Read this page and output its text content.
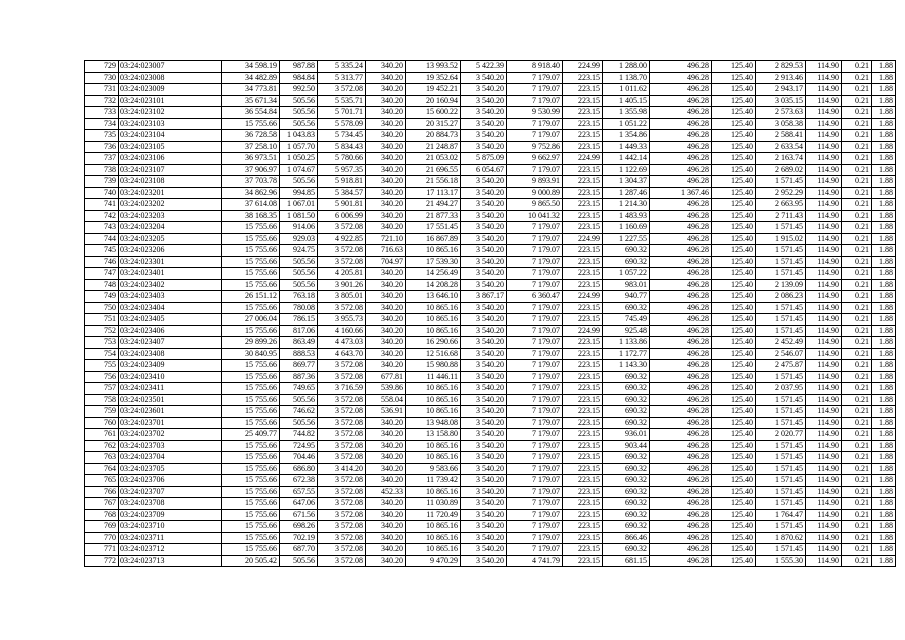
729	03:24:023007	34 598.19	987.88	5 335.24	340.20	13 993.52	5 422.39	8 918.40	224.99	1 288.00	496.28	125.40	2 829.53	114.90	0.21	1.88
730	03:24:023008	34 482.89	984.84	5 313.77	340.20	19 352.64	3 540.20	7 179.07	223.15	1 138.70	496.28	125.40	2 913.46	114.90	0.21	1.88
731	03:24:023009	34 773.81	992.50	3 572.08	340.20	19 452.21	3 540.20	7 179.07	223.15	1 011.62	496.28	125.40	2 943.17	114.90	0.21	1.88
732	03:24:023101	35 671.34	505.56	5 535.71	340.20	20 160.94	3 540.20	7 179.07	223.15	1 405.15	496.28	125.40	3 035.15	114.90	0.21	1.88
733	03:24:023102	36 554.84	505.56	5 701.71	340.20	15 600.22	3 540.20	9 530.99	223.15	1 355.98	496.28	125.40	2 573.63	114.90	0.21	1.88
734	03:24:023103	15 755.66	505.56	5 578.09	340.20	20 315.27	3 540.20	7 179.07	223.15	1 051.22	496.28	125.40	3 058.38	114.90	0.21	1.88
735	03:24:023104	36 728.58	1 043.83	5 734.45	340.20	20 884.73	3 540.20	7 179.07	223.15	1 354.86	496.28	125.40	2 588.41	114.90	0.21	1.88
736	03:24:023105	37 258.10	1 057.70	5 834.43	340.20	21 248.87	3 540.20	9 752.86	223.15	1 449.33	496.28	125.40	2 633.54	114.90	0.21	1.88
737	03:24:023106	36 973.51	1 050.25	5 780.66	340.20	21 053.02	5 875.09	9 662.97	224.99	1 442.14	496.28	125.40	2 163.74	114.90	0.21	1.88
738	03:24:023107	37 906.97	1 074.67	5 957.35	340.20	21 696.55	6 054.67	7 179.07	223.15	1 122.69	496.28	125.40	2 689.02	114.90	0.21	1.88
739	03:24:023108	37 703.78	505.56	5 918.81	340.20	21 556.18	3 540.20	9 893.91	223.15	1 304.37	496.28	125.40	1 571.45	114.90	0.21	1.88
740	03:24:023201	34 862.96	994.85	5 384.57	340.20	17 113.17	3 540.20	9 000.89	223.15	1 287.46	1 367.46	125.40	2 952.29	114.90	0.21	1.88
741	03:24:023202	37 614.08	1 067.01	5 901.81	340.20	21 494.27	3 540.20	9 865.50	223.15	1 214.30	496.28	125.40	2 663.95	114.90	0.21	1.88
742	03:24:023203	38 168.35	1 081.50	6 006.99	340.20	21 877.33	3 540.20	10 041.32	223.15	1 483.93	496.28	125.40	2 711.43	114.90	0.21	1.88
743	03:24:023204	15 755.66	914.06	3 572.08	340.20	17 551.45	3 540.20	7 179.07	223.15	1 160.69	496.28	125.40	1 571.45	114.90	0.21	1.88
744	03:24:023205	15 755.66	929.03	4 922.85	721.10	16 867.89	3 540.20	7 179.07	224.99	1 227.55	496.28	125.40	1 915.02	114.90	0.21	1.88
745	03:24:023206	15 755.66	924.75	3 572.08	716.63	10 865.16	3 540.20	7 179.07	223.15	690.32	496.28	125.40	1 571.45	114.90	0.21	1.88
746	03:24:023301	15 755.66	505.56	3 572.08	704.97	17 539.30	3 540.20	7 179.07	223.15	690.32	496.28	125.40	1 571.45	114.90	0.21	1.88
747	03:24:023401	15 755.66	505.56	4 205.81	340.20	14 256.49	3 540.20	7 179.07	223.15	1 057.22	496.28	125.40	1 571.45	114.90	0.21	1.88
748	03:24:023402	15 755.66	505.56	3 901.26	340.20	14 208.28	3 540.20	7 179.07	223.15	983.01	496.28	125.40	2 139.09	114.90	0.21	1.88
749	03:24:023403	26 151.12	763.18	3 805.01	340.20	13 646.10	3 867.17	6 360.47	224.99	940.77	496.28	125.40	2 086.23	114.90	0.21	1.88
750	03:24:023404	15 755.66	780.08	3 572.08	340.20	10 865.16	3 540.20	7 179.07	223.15	690.32	496.28	125.40	1 571.45	114.90	0.21	1.88
751	03:24:023405	27 006.04	786.15	3 955.73	340.20	10 865.16	3 540.20	7 179.07	223.15	745.49	496.28	125.40	1 571.45	114.90	0.21	1.88
752	03:24:023406	15 755.66	817.06	4 160.66	340.20	10 865.16	3 540.20	7 179.07	224.99	925.48	496.28	125.40	1 571.45	114.90	0.21	1.88
753	03:24:023407	29 899.26	863.49	4 473.03	340.20	16 290.66	3 540.20	7 179.07	223.15	1 133.86	496.28	125.40	2 452.49	114.90	0.21	1.88
754	03:24:023408	30 840.95	888.53	4 643.70	340.20	12 516.68	3 540.20	7 179.07	223.15	1 172.77	496.28	125.40	2 546.07	114.90	0.21	1.88
755	03:24:023409	15 755.66	869.77	3 572.08	340.20	15 980.88	3 540.20	7 179.07	223.15	1 143.30	496.28	125.40	2 475.87	114.90	0.21	1.88
756	03:24:023410	15 755.66	887.36	3 572.08	677.81	11 446.11	3 540.20	7 179.07	223.15	690.32	496.28	125.40	1 571.45	114.90	0.21	1.88
757	03:24:023411	15 755.66	749.65	3 716.59	539.86	10 865.16	3 540.20	7 179.07	223.15	690.32	496.28	125.40	2 037.95	114.90	0.21	1.88
758	03:24:023501	15 755.66	505.56	3 572.08	558.04	10 865.16	3 540.20	7 179.07	223.15	690.32	496.28	125.40	1 571.45	114.90	0.21	1.88
759	03:24:023601	15 755.66	746.62	3 572.08	536.91	10 865.16	3 540.20	7 179.07	223.15	690.32	496.28	125.40	1 571.45	114.90	0.21	1.88
760	03:24:023701	15 755.66	505.56	3 572.08	340.20	13 948.08	3 540.20	7 179.07	223.15	690.32	496.28	125.40	1 571.45	114.90	0.21	1.88
761	03:24:023702	25 409.77	744.82	3 572.08	340.20	13 158.80	3 540.20	7 179.07	223.15	936.01	496.28	125.40	2 020.77	114.90	0.21	1.88
762	03:24:023703	15 755.66	724.95	3 572.08	340.20	10 865.16	3 540.20	7 179.07	223.15	903.44	496.28	125.40	1 571.45	114.90	0.21	1.88
763	03:24:023704	15 755.66	704.46	3 572.08	340.20	10 865.16	3 540.20	7 179.07	223.15	690.32	496.28	125.40	1 571.45	114.90	0.21	1.88
764	03:24:023705	15 755.66	686.80	3 414.20	340.20	9 583.66	3 540.20	7 179.07	223.15	690.32	496.28	125.40	1 571.45	114.90	0.21	1.88
765	03:24:023706	15 755.66	672.38	3 572.08	340.20	11 739.42	3 540.20	7 179.07	223.15	690.32	496.28	125.40	1 571.45	114.90	0.21	1.88
766	03:24:023707	15 755.66	657.55	3 572.08	452.33	10 865.16	3 540.20	7 179.07	223.15	690.32	496.28	125.40	1 571.45	114.90	0.21	1.88
767	03:24:023708	15 755.66	647.06	3 572.08	340.20	11 030.89	3 540.20	7 179.07	223.15	690.32	496.28	125.40	1 571.45	114.90	0.21	1.88
768	03:24:023709	15 755.66	671.56	3 572.08	340.20	11 720.49	3 540.20	7 179.07	223.15	690.32	496.28	125.40	1 764.47	114.90	0.21	1.88
769	03:24:023710	15 755.66	698.26	3 572.08	340.20	10 865.16	3 540.20	7 179.07	223.15	690.32	496.28	125.40	1 571.45	114.90	0.21	1.88
770	03:24:023711	15 755.66	702.19	3 572.08	340.20	10 865.16	3 540.20	7 179.07	223.15	866.46	496.28	125.40	1 870.62	114.90	0.21	1.88
771	03:24:023712	15 755.66	687.70	3 572.08	340.20	10 865.16	3 540.20	7 179.07	223.15	690.32	496.28	125.40	1 571.45	114.90	0.21	1.88
772	03:24:023713	20 505.42	505.56	3 572.08	340.20	9 470.29	3 540.20	4 741.79	223.15	681.15	496.28	125.40	1 555.30	114.90	0.21	1.88
